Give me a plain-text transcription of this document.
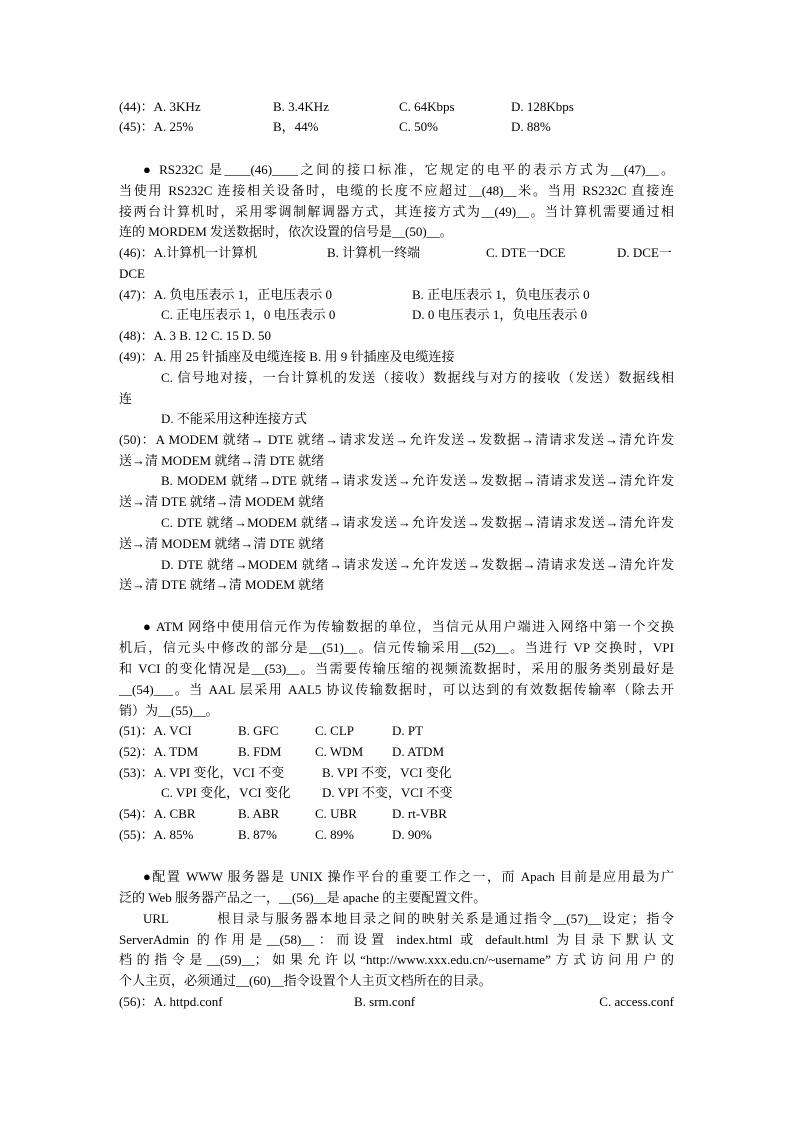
(44)：A. 3KHz	B. 3.4KHz	C. 64Kbps	D. 128Kbps
(45)：A. 25%	B，44%	C. 50%	D. 88%
● RS232C 是____(46)____之间的接口标准，它规定的电平的表示方式为__(47)__。
当使用 RS232C 连接相关设备时，电缆的长度不应超过__(48)__米。当用 RS232C 直接连
接两台计算机时，采用零调制解调器方式，其连接方式为__(49)__。当计算机需要通过相
连的 MORDEM 发送数据时，依次设置的信号是__(50)__。
(46)：A.计算机一计算机	B. 计算机一终端	C. DTE一DCE	D. DCE一
DCE
(47)：A. 负电压表示 1，正电压表示 0	B. 正电压表示 1，负电压表示 0
C. 正电压表示 1，0 电压表示 0	D. 0 电压表示 1，负电压表示 0
(48)：A. 3 B. 12 C. 15 D. 50
(49)：A. 用 25 针插座及电缆连接 B. 用 9 针插座及电缆连接
C. 信号地对接，一台计算机的发送（接收）数据线与对方的接收（发送）数据线相
连
D. 不能采用这种连接方式
(50)：A MODEM 就绪→ DTE 就绪→请求发送→允许发送→发数据→清请求发送→清允许发
送→清 MODEM 就绪→清 DTE 就绪
B. MODEM 就绪→DTE 就绪→请求发送→允许发送→发数据→清请求发送→清允许发
送→清 DTE 就绪→清 MODEM 就绪
C. DTE 就绪→MODEM 就绪→请求发送→允许发送→发数据→清请求发送→清允许发
送→清 MODEM 就绪→清 DTE 就绪
D. DTE 就绪→MODEM 就绪→请求发送→允许发送→发数据→清请求发送→清允许发
送→清 DTE 就绪→清 MODEM 就绪
● ATM 网络中使用信元作为传输数据的单位，当信元从用户端进入网络中第一个交换
机后，信元头中修改的部分是__(51)__。信元传输采用__(52)__。当进行 VP 交换时，VPI
和 VCI 的变化情况是__(53)__。当需要传输压缩的视频流数据时，采用的服务类别最好是
__(54)___。当 AAL 层采用 AAL5 协议传输数据时，可以达到的有效数据传输率（除去开
销）为__(55)__。
(51)：A. VCI	B. GFC	C. CLP	D. PT
(52)：A. TDM	B. FDM	C. WDM D. ATDM
(53)：A. VPI 变化，VCI 不变	B. VPI 不变，VCI 变化
C. VPI 变化，VCI 变化 D. VPI 不变，VCI 不变
(54)：A. CBR	B. ABR	C. UBR	D. rt-VBR
(55)：A. 85%	B. 87%	C. 89%	D. 90%
●配置 WWW 服务器是 UNIX 操作平台的重要工作之一，而 Apach 目前是应用最为广
泛的 Web 服务器产品之一，__(56)__是 apache 的主要配置文件。
URL          根目录与服务器本地目录之间的映射关系是通过指令__(57)__设定；指令
ServerAdmin 的作用是__(58)__：而设置 index.html 或 default.html 为目录下默认文
档的指令是__(59)__；如果允许以“http://www.xxx.edu.cn/~username”方式访问用户的
个人主页，必须通过__(60)__指令设置个人主页文档所在的目录。
(56)：A. httpd.conf	B. srm.conf	C. access.conf
